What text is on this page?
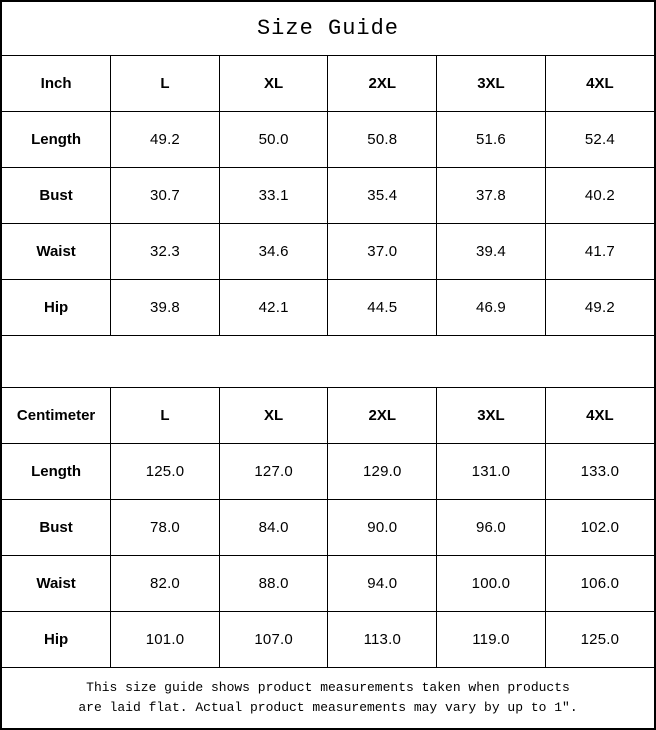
Size Guide
Inch	L	XL	2XL	3XL	4XL
Length	49.2	50.0	50.8	51.6	52.4
Bust	30.7	33.1	35.4	37.8	40.2
Waist	32.3	34.6	37.0	39.4	41.7
Hip	39.8	42.1	44.5	46.9	49.2
Centimeter	L	XL	2XL	3XL	4XL
Length	125.0	127.0	129.0	131.0	133.0
Bust	78.0	84.0	90.0	96.0	102.0
Waist	82.0	88.0	94.0	100.0	106.0
Hip	101.0	107.0	113.0	119.0	125.0
This size guide shows product measurements taken when products
are laid flat. Actual product measurements may vary by up to 1″.
